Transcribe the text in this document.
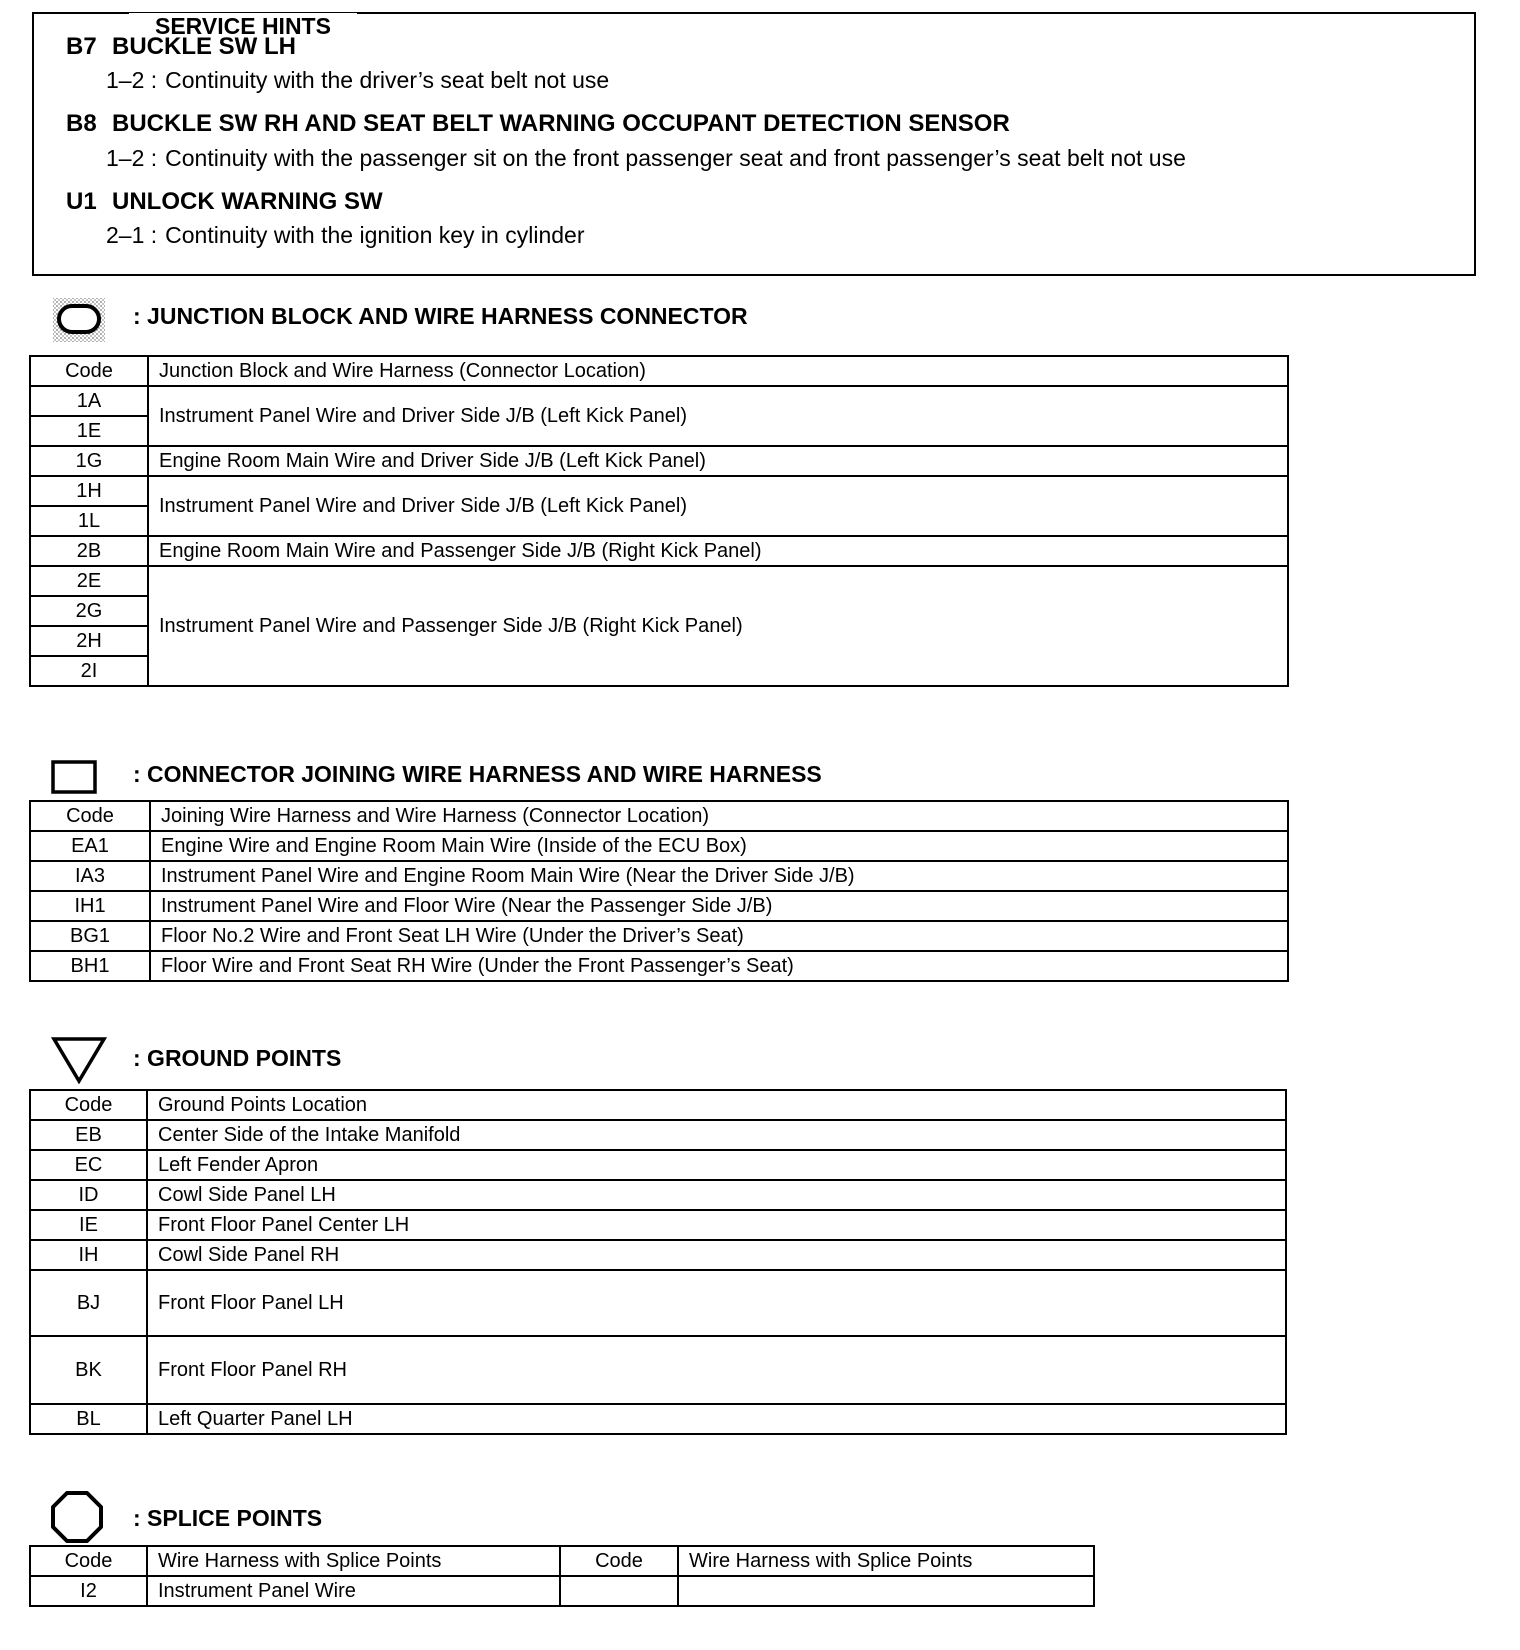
SERVICE HINTS
B7 BUCKLE SW LH
1–2 : Continuity with the driver’s seat belt not use
B8 BUCKLE SW RH AND SEAT BELT WARNING OCCUPANT DETECTION SENSOR
1–2 : Continuity with the passenger sit on the front passenger seat and front passenger’s seat belt not use
U1 UNLOCK WARNING SW
2–1 : Continuity with the ignition key in cylinder
: JUNCTION BLOCK AND WIRE HARNESS CONNECTOR
Code	Junction Block and Wire Harness (Connector Location)
1A	Instrument Panel Wire and Driver Side J/B (Left Kick Panel)
1E	
1G	Engine Room Main Wire and Driver Side J/B (Left Kick Panel)
1H	Instrument Panel Wire and Driver Side J/B (Left Kick Panel)
1L	
2B	Engine Room Main Wire and Passenger Side J/B (Right Kick Panel)
2E	Instrument Panel Wire and Passenger Side J/B (Right Kick Panel)
2G	
2H	
2I	
: CONNECTOR JOINING WIRE HARNESS AND WIRE HARNESS
Code	Joining Wire Harness and Wire Harness (Connector Location)
EA1	Engine Wire and Engine Room Main Wire (Inside of the ECU Box)
IA3	Instrument Panel Wire and Engine Room Main Wire (Near the Driver Side J/B)
IH1	Instrument Panel Wire and Floor Wire (Near the Passenger Side J/B)
BG1	Floor No.2 Wire and Front Seat LH Wire (Under the Driver’s Seat)
BH1	Floor Wire and Front Seat RH Wire (Under the Front Passenger’s Seat)
: GROUND POINTS
Code	Ground Points Location
EB	Center Side of the Intake Manifold
EC	Left Fender Apron
ID	Cowl Side Panel LH
IE	Front Floor Panel Center LH
IH	Cowl Side Panel RH
BJ	Front Floor Panel LH
BK	Front Floor Panel RH
BL	Left Quarter Panel LH
: SPLICE POINTS
Code	Wire Harness with Splice Points	Code	Wire Harness with Splice Points
I2	Instrument Panel Wire		
